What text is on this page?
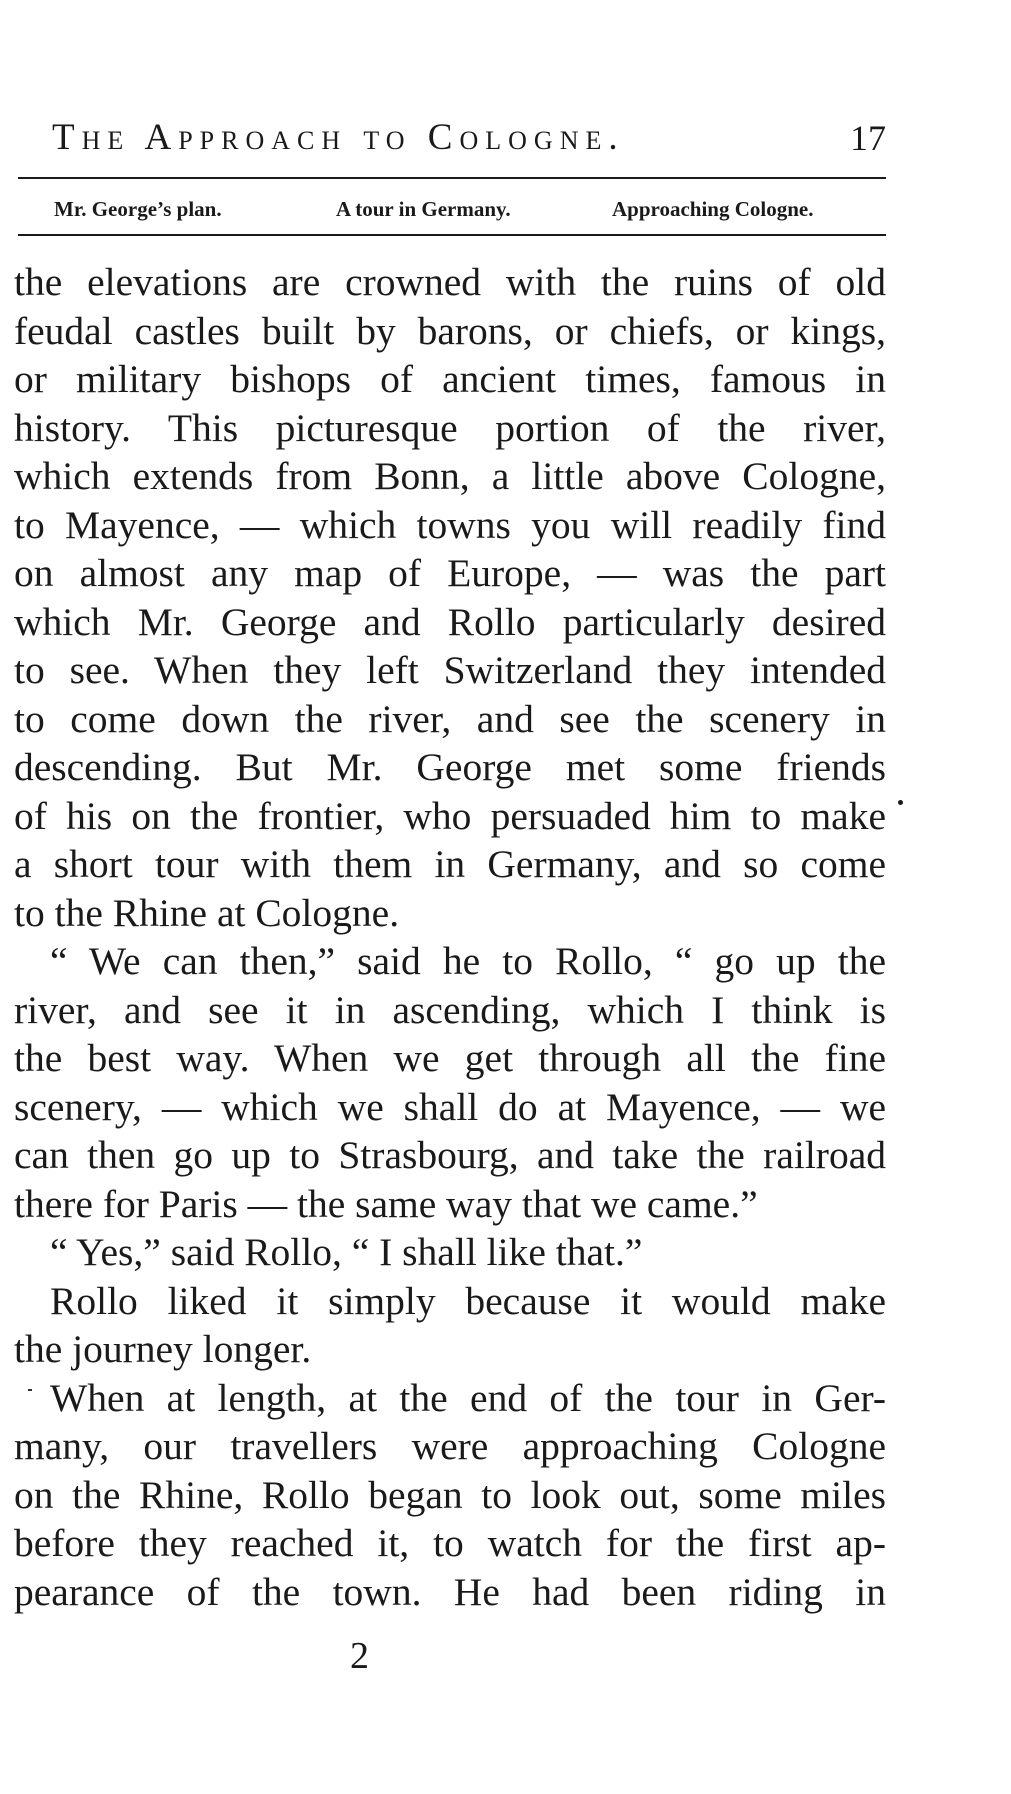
The Approach to Cologne.	17
Mr. George’s plan.	A tour in Germany.	Approaching Cologne.
the elevations are crowned with the ruins of old
feudal castles built by barons, or chiefs, or kings,
or military bishops of ancient times, famous in
history. This picturesque portion of the river,
which extends from Bonn, a little above Cologne,
to Mayence, — which towns you will readily find
on almost any map of Europe, — was the part
which Mr. George and Rollo particularly desired
to see. When they left Switzerland they intended
to come down the river, and see the scenery in
descending. But Mr. George met some friends
of his on the frontier, who persuaded him to make
a short tour with them in Germany, and so come
to the Rhine at Cologne.
“ We can then,” said he to Rollo, “ go up the
river, and see it in ascending, which I think is
the best way. When we get through all the fine
scenery, — which we shall do at Mayence, — we
can then go up to Strasbourg, and take the railroad
there for Paris — the same way that we came.”
“ Yes,” said Rollo, “ I shall like that.”
Rollo liked it simply because it would make
the journey longer.
When at length, at the end of the tour in Ger-
many, our travellers were approaching Cologne
on the Rhine, Rollo began to look out, some miles
before they reached it, to watch for the first ap-
pearance of the town. He had been riding in
2
